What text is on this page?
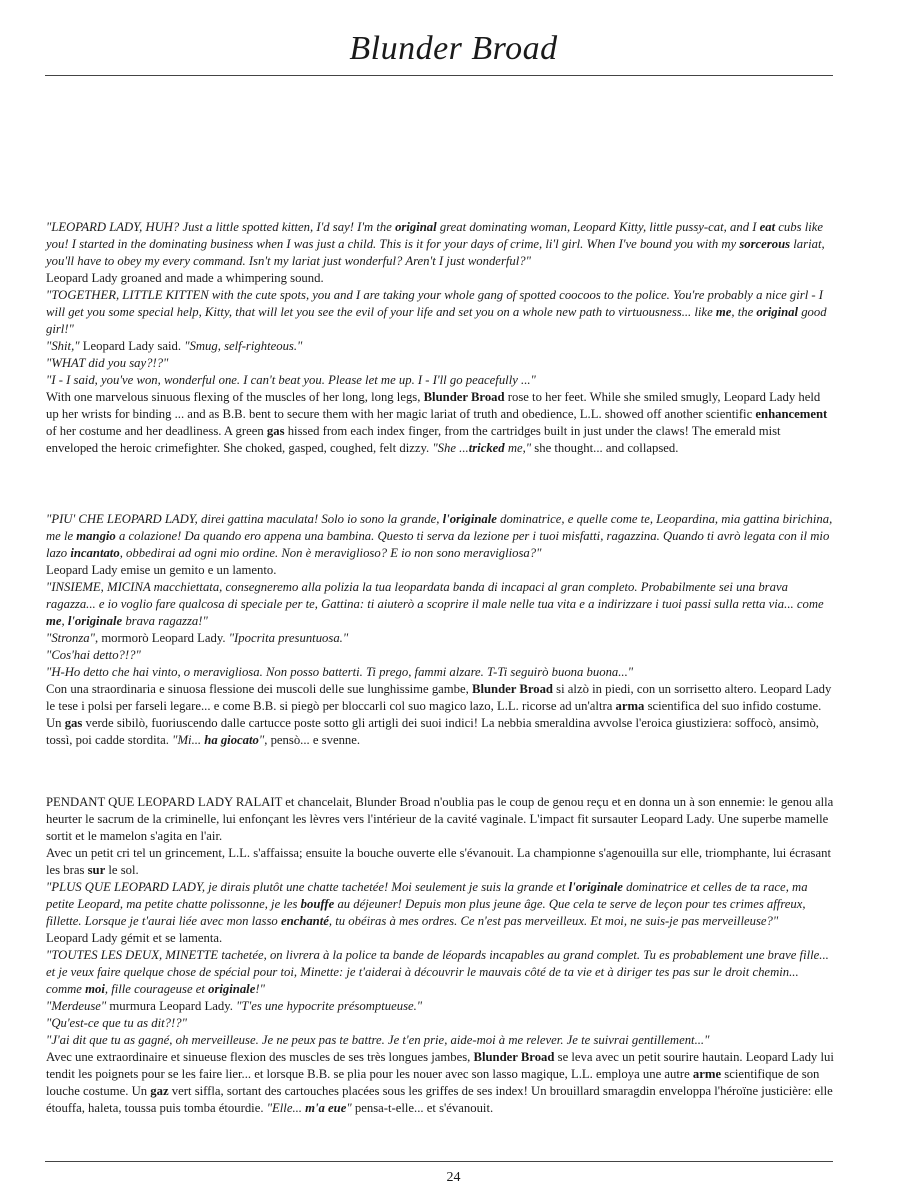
Blunder Broad

"LEOPARD LADY, HUH? Just a little spotted kitten, I'd say! I'm the original great dominating woman, Leopard Kitty, little pussy-cat, and I eat cubs like you! I started in the dominating business when I was just a child. This is it for your days of crime, li'l girl. When I've bound you with my sorcerous lariat, you'll have to obey my every command. Isn't my lariat just wonderful? Aren't I just wonderful?"

Leopard Lady groaned and made a whimpering sound.

"TOGETHER, LITTLE KITTEN with the cute spots, you and I are taking your whole gang of spotted coocoos to the police. You're probably a nice girl - I will get you some special help, Kitty, that will let you see the evil of your life and set you on a whole new path to virtuousness... like me, the original good girl!"

"Shit," Leopard Lady said. "Smug, self-righteous."

"WHAT did you say?!?"

"I - I said, you've won, wonderful one. I can't beat you. Please let me up. I - I'll go peacefully ..."

With one marvelous sinuous flexing of the muscles of her long, long legs, Blunder Broad rose to her feet. While she smiled smugly, Leopard Lady held up her wrists for binding ... and as B.B. bent to secure them with her magic lariat of truth and obedience, L.L. showed off another scientific enhancement of her costume and her deadliness. A green gas hissed from each index finger, from the cartridges built in just under the claws! The emerald mist enveloped the heroic crimefighter. She choked, gasped, coughed, felt dizzy. "She ...tricked me," she thought... and collapsed.

"PIU' CHE LEOPARD LADY, direi gattina maculata! Solo io sono la grande, l'originale dominatrice, e quelle come te, Leopardina, mia gattina birichina, me le mangio a colazione! Da quando ero appena una bambina. Questo ti serva da lezione per i tuoi misfatti, ragazzina. Quando ti avrò legata con il mio lazo incantato, obbedirai ad ogni mio ordine. Non è meraviglioso? E io non sono meravigliosa?"

Leopard Lady emise un gemito e un lamento.

"INSIEME, MICINA macchiettata, consegneremo alla polizia la tua leopardata banda di incapaci al gran completo. Probabilmente sei una brava ragazza... e io voglio fare qualcosa di speciale per te, Gattina: ti aiuterò a scoprire il male nelle tua vita e a indirizzare i tuoi passi sulla retta via... come me, l'originale brava ragazza!"

"Stronza", mormorò Leopard Lady. "Ipocrita presuntuosa."

"Cos'hai detto?!?"

"H-Ho detto che hai vinto, o meravigliosa. Non posso batterti. Ti prego, fammi alzare. T-Ti seguirò buona buona..."

Con una straordinaria e sinuosa flessione dei muscoli delle sue lunghissime gambe, Blunder Broad si alzò in piedi, con un sorrisetto altero. Leopard Lady le tese i polsi per farseli legare... e come B.B. si piegò per bloccarli col suo magico lazo, L.L. ricorse ad un'altra arma scientifica del suo infido costume. Un gas verde sibilò, fuoriuscendo dalle cartucce poste sotto gli artigli dei suoi indici! La nebbia smeraldina avvolse l'eroica giustiziera: soffocò, ansimò, tossì, poi cadde stordita. "Mi... ha giocato", pensò... e svenne.

PENDANT QUE LEOPARD LADY RALAIT et chancelait, Blunder Broad n'oublia pas le coup de genou reçu et en donna un à son ennemie: le genou alla heurter le sacrum de la criminelle, lui enfonçant les lèvres vers l'intérieur de la cavité vaginale. L'impact fit sursauter Leopard Lady. Une superbe mamelle sortit et le mamelon s'agita en l'air.

Avec un petit cri tel un grincement, L.L. s'affaissa; ensuite la bouche ouverte elle s'évanouit. La championne s'agenouilla sur elle, triomphante, lui écrasant les bras sur le sol.

"PLUS QUE LEOPARD LADY, je dirais plutôt une chatte tachetée! Moi seulement je suis la grande et l'originale dominatrice et celles de ta race, ma petite Leopard, ma petite chatte polissonne, je les bouffe au déjeuner! Depuis mon plus jeune âge. Que cela te serve de leçon pour tes crimes affreux, fillette. Lorsque je t'aurai liée avec mon lasso enchanté, tu obéiras à mes ordres. Ce n'est pas merveilleux. Et moi, ne suis-je pas merveilleuse?"

Leopard Lady gémit et se lamenta.

"TOUTES LES DEUX, MINETTE tachetée, on livrera à la police ta bande de léopards incapables au grand complet. Tu es probablement une brave fille... et je veux faire quelque chose de spécial pour toi, Minette: je t'aiderai à découvrir le mauvais côté de ta vie et à diriger tes pas sur le droit chemin... comme moi, fille courageuse et originale!"

"Merdeuse" murmura Leopard Lady. "T'es une hypocrite présomptueuse."

"Qu'est-ce que tu as dit?!?"

"J'ai dit que tu as gagné, oh merveilleuse. Je ne peux pas te battre. Je t'en prie, aide-moi à me relever. Je te suivrai gentillement..."

Avec une extraordinaire et sinueuse flexion des muscles de ses très longues jambes, Blunder Broad se leva avec un petit sourire hautain. Leopard Lady lui tendit les poignets pour se les faire lier... et lorsque B.B. se plia pour les nouer avec son lasso magique, L.L. employa une autre arme scientifique de son louche costume. Un gaz vert siffla, sortant des cartouches placées sous les griffes de ses index! Un brouillard smaragdin enveloppa l'héroïne justicière: elle étouffa, haleta, toussa puis tomba étourdie. "Elle... m'a eue" pensa-t-elle... et s'évanouit.

24
